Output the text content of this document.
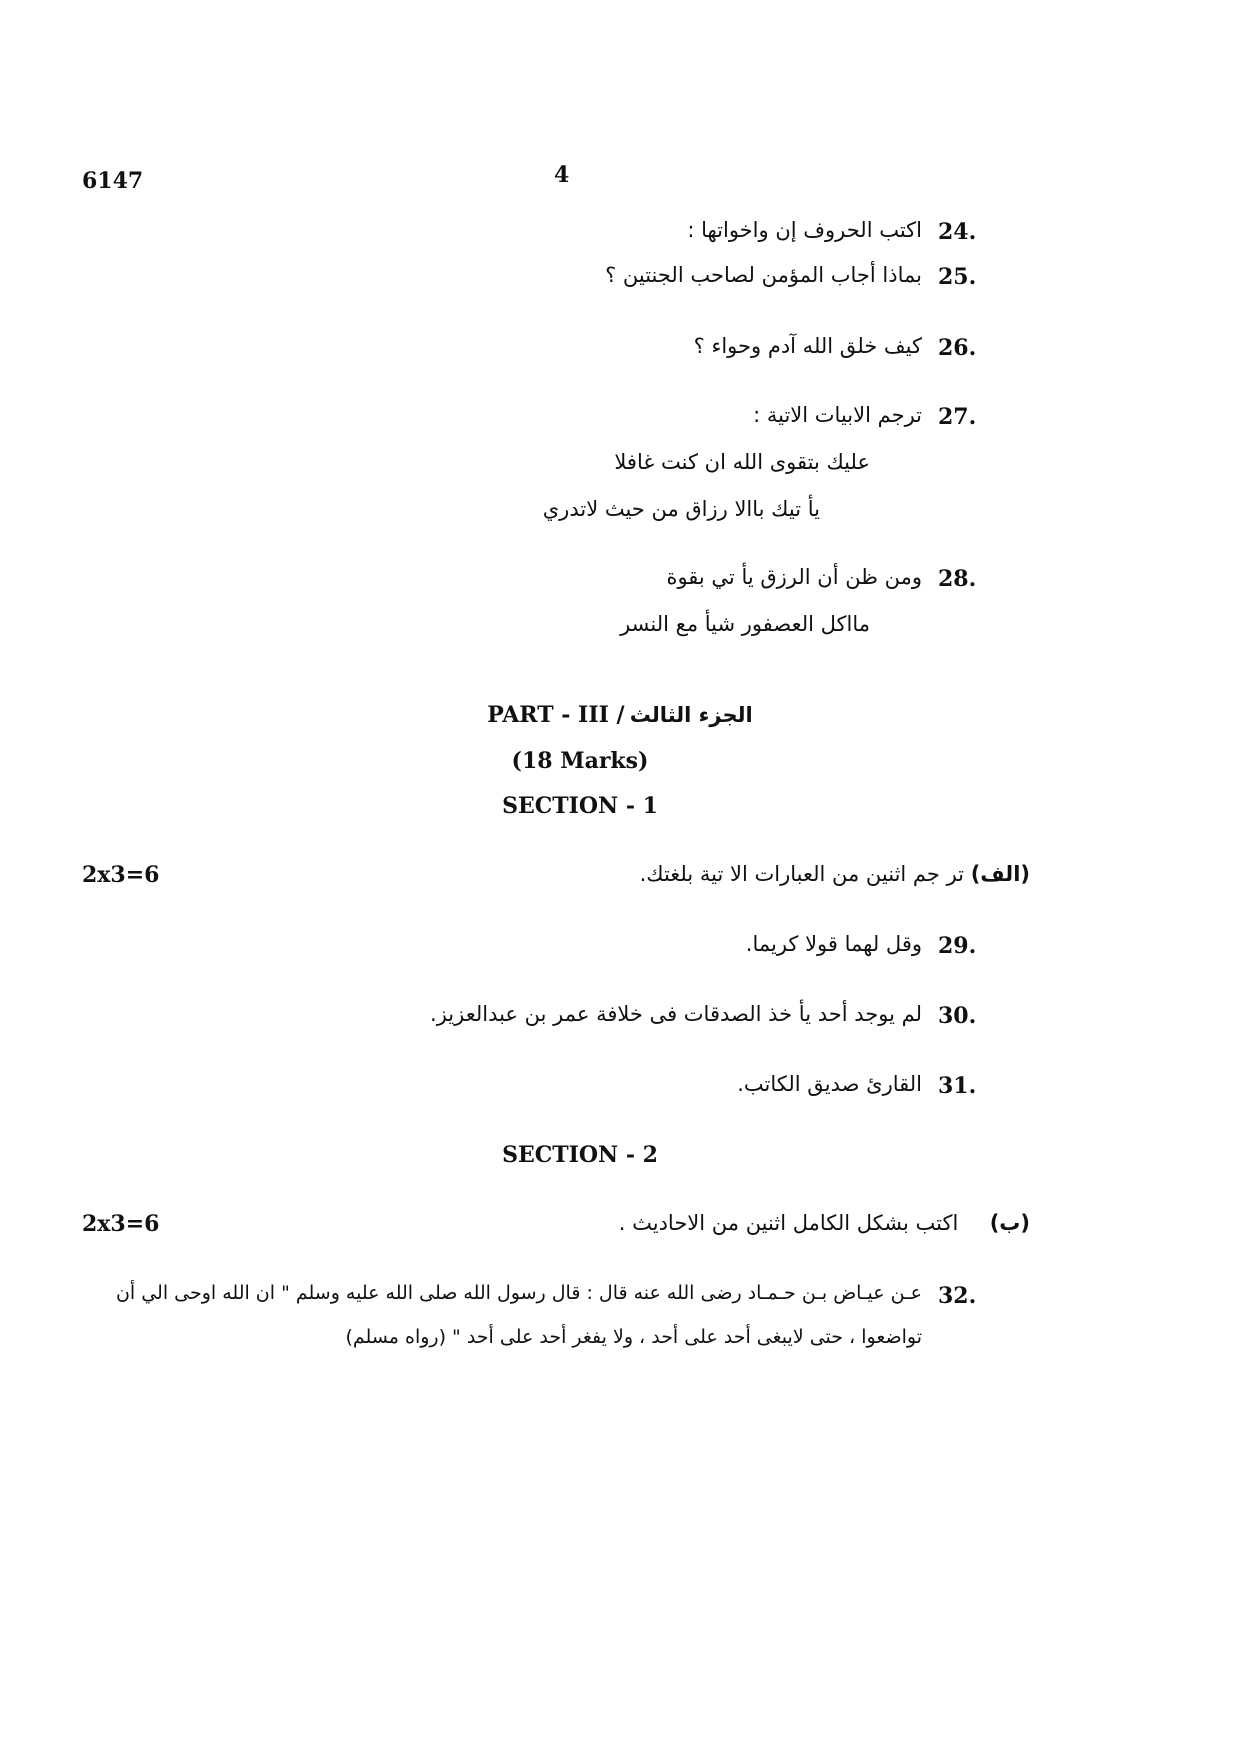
6147	4
24.
اكتب الحروف إن واخواتها :
25.
بماذا أجاب المؤمن لصاحب الجنتين ؟
26.
كيف خلق الله آدم وحواء ؟
27.
ترجم الابيات الاتية :
عليك بتقوى الله ان كنت غافلا
يأ تيك باالا رزاق من حيث لاتدري
28.
ومن ظن أن الرزق يأ تي بقوة
مااكل العصفور شيأ مع النسر
PART - III / الجزء الثالث
(18 Marks)
SECTION - 1
2x3=6	(الف) تر جم اثنين من العبارات الا تية بلغتك.
29.
وقل لهما قولا كريما.
30.
لم يوجد أحد يأ خذ الصدقات فى خلافة عمر بن عبدالعزيز.
31.
القارئ صديق الكاتب.
SECTION - 2
2x3=6	(ب)  اكتب بشكل الكامل اثنين من الاحاديث .
32.
عـن عيـاض بـن حـمـاد رضى الله عنه قال : قال رسول الله صلى الله عليه وسلم " ان الله اوحى الي أن
تواضعوا ، حتى لايبغى أحد على أحد ، ولا يفغر أحد على أحد " (رواه مسلم)
